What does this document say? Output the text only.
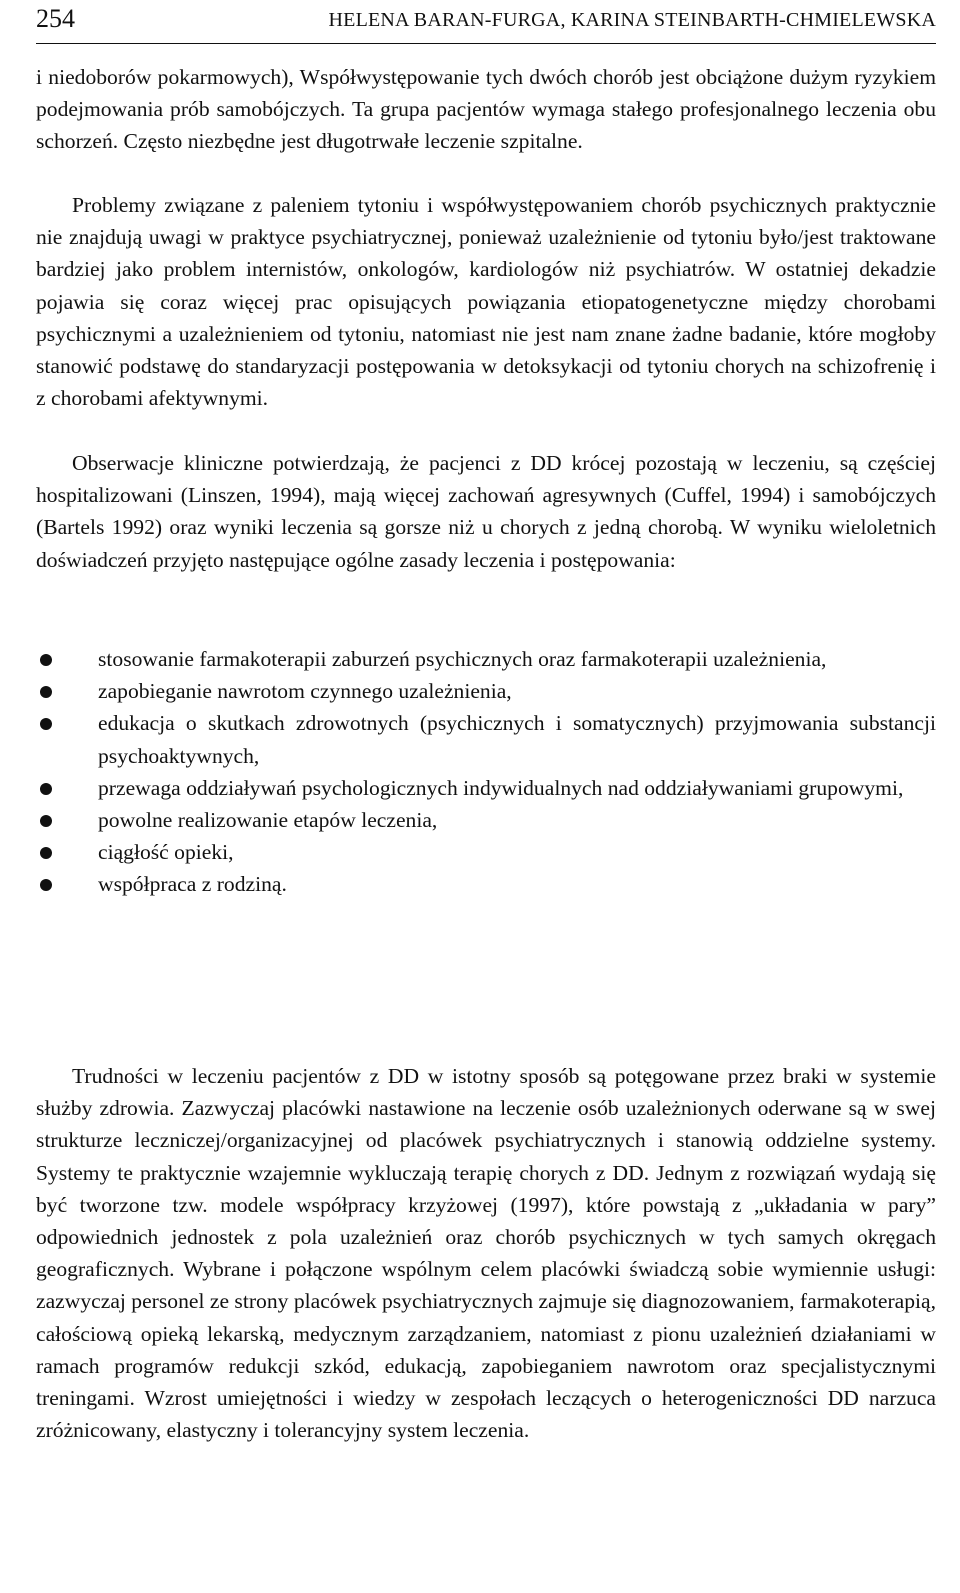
254	HELENA BARAN-FURGA, KARINA STEINBARTH-CHMIELEWSKA

i niedoborów pokarmowych), Współwystępowanie tych dwóch chorób jest obciążone dużym ryzykiem podejmowania prób samobójczych. Ta grupa pacjentów wymaga stałego profesjonalnego leczenia obu schorzeń. Często niezbędne jest długotrwałe leczenie szpitalne.

Problemy związane z paleniem tytoniu i współwystępowaniem chorób psychicznych praktycznie nie znajdują uwagi w praktyce psychiatrycznej, ponieważ uzależnienie od tytoniu było/jest traktowane bardziej jako problem internistów, onkologów, kardiologów niż psychiatrów. W ostatniej dekadzie pojawia się coraz więcej prac opisujących powiązania etiopatogenetyczne między chorobami psychicznymi a uzależnieniem od tytoniu, natomiast nie jest nam znane żadne badanie, które mogłoby stanowić podstawę do standaryzacji postępowania w detoksykacji od tytoniu chorych na schizofrenię i z chorobami afektywnymi.

Obserwacje kliniczne potwierdzają, że pacjenci z DD krócej pozostają w leczeniu, są częściej hospitalizowani (Linszen, 1994), mają więcej zachowań agresywnych (Cuffel, 1994) i samobójczych (Bartels 1992) oraz wyniki leczenia są gorsze niż u chorych z jedną chorobą. W wyniku wieloletnich doświadczeń przyjęto następujące ogólne zasady leczenia i postępowania:

stosowanie farmakoterapii zaburzeń psychicznych oraz farmakoterapii uzależnienia,
zapobieganie nawrotom czynnego uzależnienia,
edukacja o skutkach zdrowotnych (psychicznych i somatycznych) przyjmowania substancji psychoaktywnych,
przewaga oddziaływań psychologicznych indywidualnych nad oddziaływaniami grupowymi,
powolne realizowanie etapów leczenia,
ciągłość opieki,
współpraca z rodziną.

Trudności w leczeniu pacjentów z DD w istotny sposób są potęgowane przez braki w systemie służby zdrowia. Zazwyczaj placówki nastawione na leczenie osób uzależnionych oderwane są w swej strukturze leczniczej/organizacyjnej od placówek psychiatrycznych i stanowią oddzielne systemy. Systemy te praktycznie wzajemnie wykluczają terapię chorych z DD. Jednym z rozwiązań wydają się być tworzone tzw. modele współpracy krzyżowej (1997), które powstają z „układania w pary” odpowiednich jednostek z pola uzależnień oraz chorób psychicznych w tych samych okręgach geograficznych. Wybrane i połączone wspólnym celem placówki świadczą sobie wymiennie usługi: zazwyczaj personel ze strony placówek psychiatrycznych zajmuje się diagnozowaniem, farmakoterapią, całościową opieką lekarską, medycznym zarządzaniem, natomiast z pionu uzależnień działaniami w ramach programów redukcji szkód, edukacją, zapobieganiem nawrotom oraz specjalistycznymi treningami. Wzrost umiejętności i wiedzy w zespołach leczących o heterogeniczności DD narzuca zróżnicowany, elastyczny i tolerancyjny system leczenia.
